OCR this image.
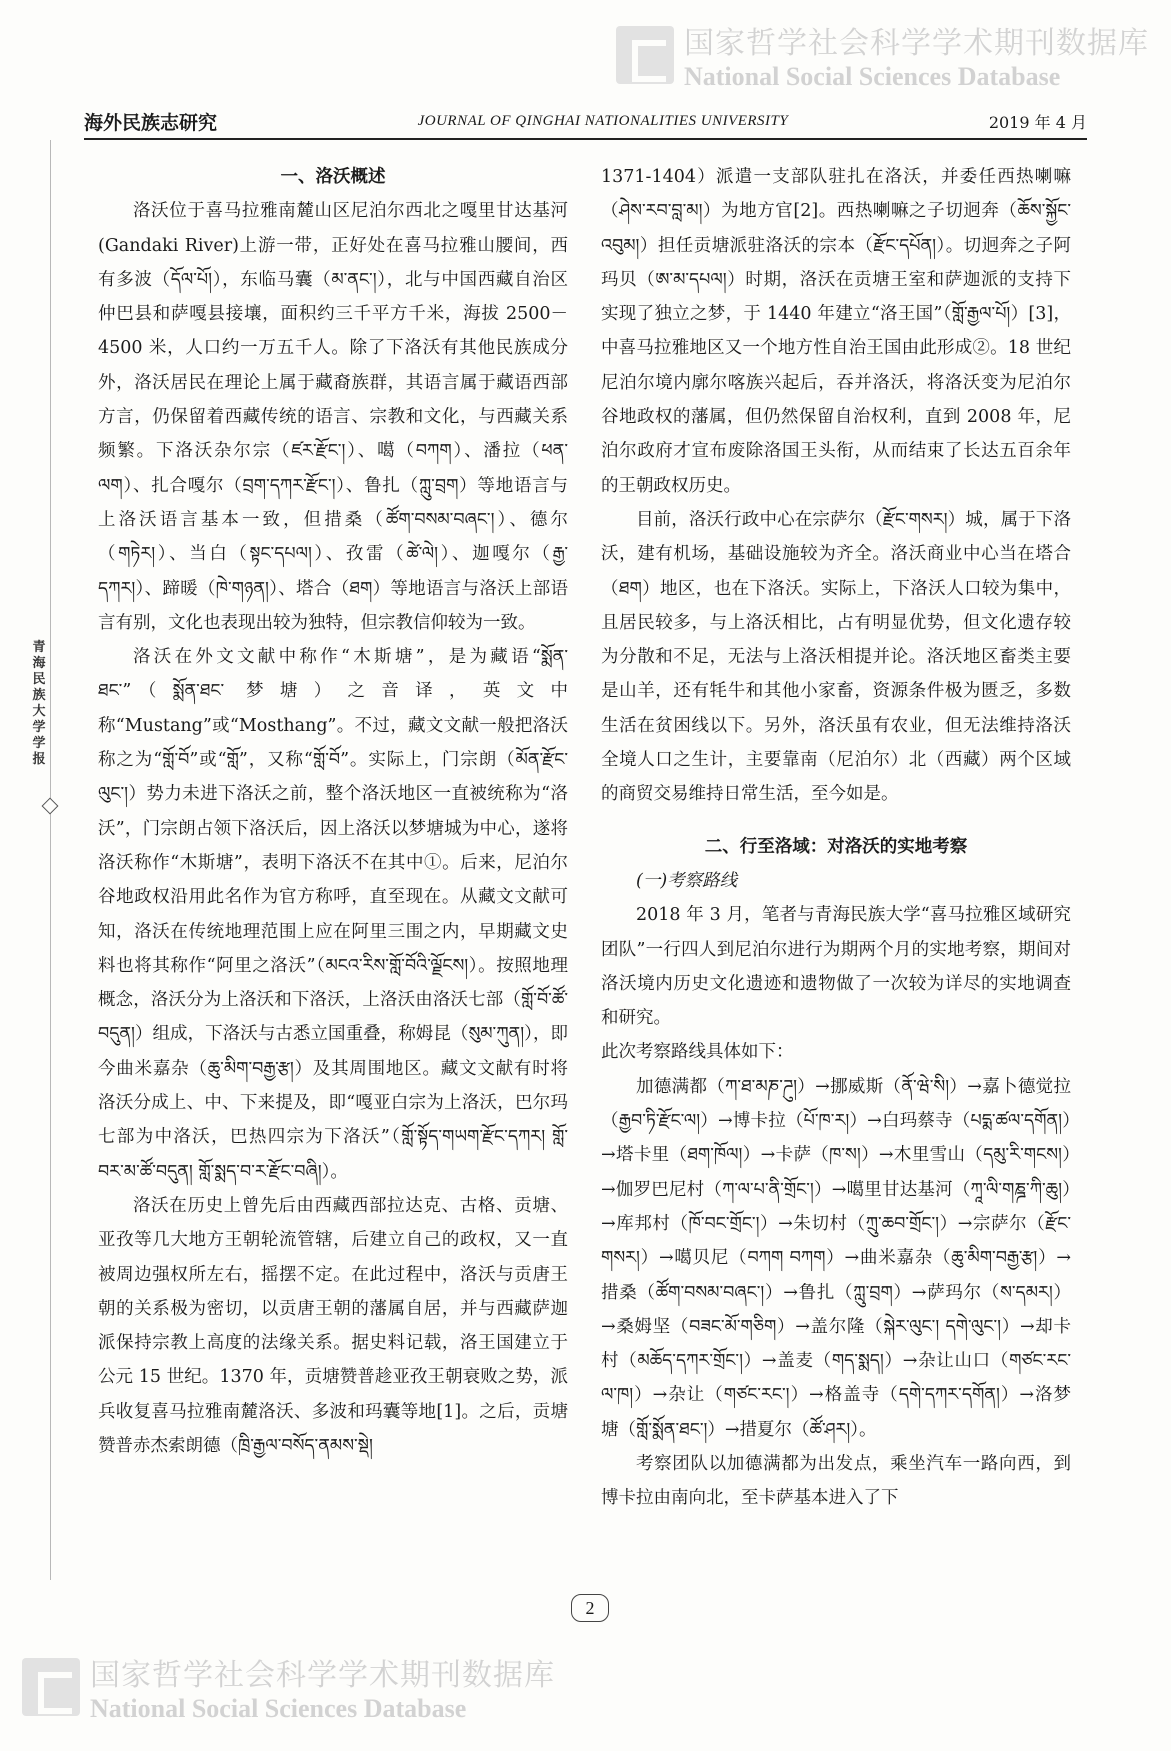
国家哲学社会科学学术期刊数据库
National Social Sciences Database
海外民族志研究	JOURNAL OF QINGHAI NATIONALITIES UNIVERSITY	2019 年 4 月
青海民族大学学报
一、洛沃概述

洛沃位于喜马拉雅南麓山区尼泊尔西北之嘎里甘达基河(Gandaki River)上游一带，正好处在喜马拉雅山腰间，西有多波（དོལ་པོ།），东临马囊（མ་ནང་།），北与中国西藏自治区仲巴县和萨嘎县接壤，面积约三千平方千米，海拔 2500－4500 米，人口约一万五千人。除了下洛沃有其他民族成分外，洛沃居民在理论上属于藏裔族群，其语言属于藏语西部方言，仍保留着西藏传统的语言、宗教和文化，与西藏关系频繁。下洛沃杂尔宗（ཛར་རྫོང་།）、噶（བཀག）、潘拉（ཕན་ལག）、扎合嘎尔（བྲག་དཀར་རྫོང་།）、鲁扎（ཀླུ་བྲག）等地语言与上洛沃语言基本一致，但措桑（ཚོག་བསམ་བཞང་།）、德尔（གཏེར།）、当白（སྟང་དཔལ།）、孜雷（ཚེ་ལེ།）、迦嘎尔（རྒྱ་དཀར།）、蹄暖（ཁེ་གཉན།）、塔合（ཐག）等地语言与洛沃上部语言有别，文化也表现出较为独特，但宗教信仰较为一致。

洛沃在外文文献中称作“木斯塘”，是为藏语“སྨོན་ཐང་”（སྨོན་ཐང་ 梦塘）之音译，英文中称“Mustang”或“Mosthang”。不过，藏文文献一般把洛沃称之为“གློ་བོ”或“གློ”，又称“གློ་བོ”。实际上，门宗朗（མོན་རྫོང་ལུང་།）势力未进下洛沃之前，整个洛沃地区一直被统称为“洛沃”，门宗朗占领下洛沃后，因上洛沃以梦塘城为中心，遂将洛沃称作“木斯塘”，表明下洛沃不在其中①。后来，尼泊尔谷地政权沿用此名作为官方称呼，直至现在。从藏文文献可知，洛沃在传统地理范围上应在阿里三围之内，早期藏文史料也将其称作“阿里之洛沃”（མངའ་རིས་གློ་བོའི་ལྗོངས།）。按照地理概念，洛沃分为上洛沃和下洛沃，上洛沃由洛沃七部（གློ་བོ་ཚོ་བདུན།）组成，下洛沃与古悉立国重叠，称姆昆（སུམ་ཀུན།），即今曲米嘉杂（ཆུ་མིག་བརྒྱ་རྩ།）及其周围地区。藏文文献有时将洛沃分成上、中、下来提及，即“嘎亚白宗为上洛沃，巴尔玛七部为中洛沃，巴热四宗为下洛沃”（གློ་སྟོད་གཡག་རྫོང་དཀར། གློ་བར་མ་ཚོ་བདུན། གློ་སྨད་བ་ར་རྫོང་བཞི།）。

洛沃在历史上曾先后由西藏西部拉达克、古格、贡塘、亚孜等几大地方王朝轮流管辖，后建立自己的政权，又一直被周边强权所左右，摇摆不定。在此过程中，洛沃与贡唐王朝的关系极为密切，以贡唐王朝的藩属自居，并与西藏萨迦派保持宗教上高度的法缘关系。据史料记载，洛王国建立于公元 15 世纪。1370 年，贡塘赞普趁亚孜王朝衰败之势，派兵收复喜马拉雅南麓洛沃、多波和玛囊等地[1]。之后，贡塘赞普赤杰索朗德（ཁྲི་རྒྱལ་བསོད་ནམས་སྡེ།

1371-1404）派遣一支部队驻扎在洛沃，并委任西热喇嘛（ཤེས་རབ་བླ་མ།）为地方官[2]。西热喇嘛之子切迥奔（ཆོས་སྐྱོང་འབུམ།）担任贡塘派驻洛沃的宗本（རྫོང་དཔོན།）。切迥奔之子阿玛贝（ཨ་མ་དཔལ།）时期，洛沃在贡塘王室和萨迦派的支持下实现了独立之梦，于 1440 年建立“洛王国”（གློ་རྒྱལ་པོ།）[3]，中喜马拉雅地区又一个地方性自治王国由此形成②。18 世纪尼泊尔境内廓尔喀族兴起后，吞并洛沃，将洛沃变为尼泊尔谷地政权的藩属，但仍然保留自治权利，直到 2008 年，尼泊尔政府才宣布废除洛国王头衔，从而结束了长达五百余年的王朝政权历史。

目前，洛沃行政中心在宗萨尔（རྫོང་གསར།）城，属于下洛沃，建有机场，基础设施较为齐全。洛沃商业中心当在塔合（ཐག）地区，也在下洛沃。实际上，下洛沃人口较为集中，且居民较多，与上洛沃相比，占有明显优势，但文化遗存较为分散和不足，无法与上洛沃相提并论。洛沃地区畜类主要是山羊，还有牦牛和其他小家畜，资源条件极为匮乏，多数生活在贫困线以下。另外，洛沃虽有农业，但无法维持洛沃全境人口之生计，主要靠南（尼泊尔）北（西藏）两个区域的商贸交易维持日常生活，至今如是。

二、行至洛域：对洛沃的实地考察
(一)考察路线

2018 年 3 月，笔者与青海民族大学“喜马拉雅区域研究团队”一行四人到尼泊尔进行为期两个月的实地考察，期间对洛沃境内历史文化遗迹和遗物做了一次较为详尽的实地调查和研究。

此次考察路线具体如下：

加德满都（ཀ་ཐ་མཎ་ཌུ།）→挪威斯（ནོ་ཝེ་སི།）→嘉卜德觉拉（རྒྱབ་ཏི་རྫོང་ལ།）→博卡拉（པོ་ཁ་ར།）→白玛蔡寺（པདྨ་ཚལ་དགོན།）→塔卡里（ཐག་ཁོལ།）→卡萨（ཁ་ས།）→木里雪山（དམུ་རི་གངས།）→伽罗巴尼村（ཀ་ལ་པ་ནི་གྲོང་།）→噶里甘达基河（ཀཱ་ལི་གཎྜ་ཀི་ཆུ།）→库邦村（ཁོ་བང་གྲོང་།）→朱切村（ཀྲུ་ཆབ་གྲོང་།）→宗萨尔（རྫོང་གསར།）→噶贝尼（བཀག བཀག）→曲米嘉杂（ཆུ་མིག་བརྒྱ་རྩ།）→措桑（ཚོག་བསམ་བཞང་།）→鲁扎（ཀླུ་བྲག）→萨玛尔（ས་དམར།）→桑姆坚（བཟང་མོ་གཅིག）→盖尔隆（སྐེར་ལུང་། དགེ་ལུང་།）→却卡村（མཆོད་དཀར་གྲོང་།）→盖麦（གད་སྨད།）→杂让山口（གཙང་རང་ལ་ཁ།）→杂让（གཙང་རང་།）→格盖寺（དགེ་དཀར་དགོན།）→洛梦塘（གློ་སྨོན་ཐང་།）→措夏尔（ཚོ་ཤར།）。

考察团队以加德满都为出发点，乘坐汽车一路向西，到博卡拉由南向北，至卡萨基本进入了下

2
国家哲学社会科学学术期刊数据库
National Social Sciences Database
